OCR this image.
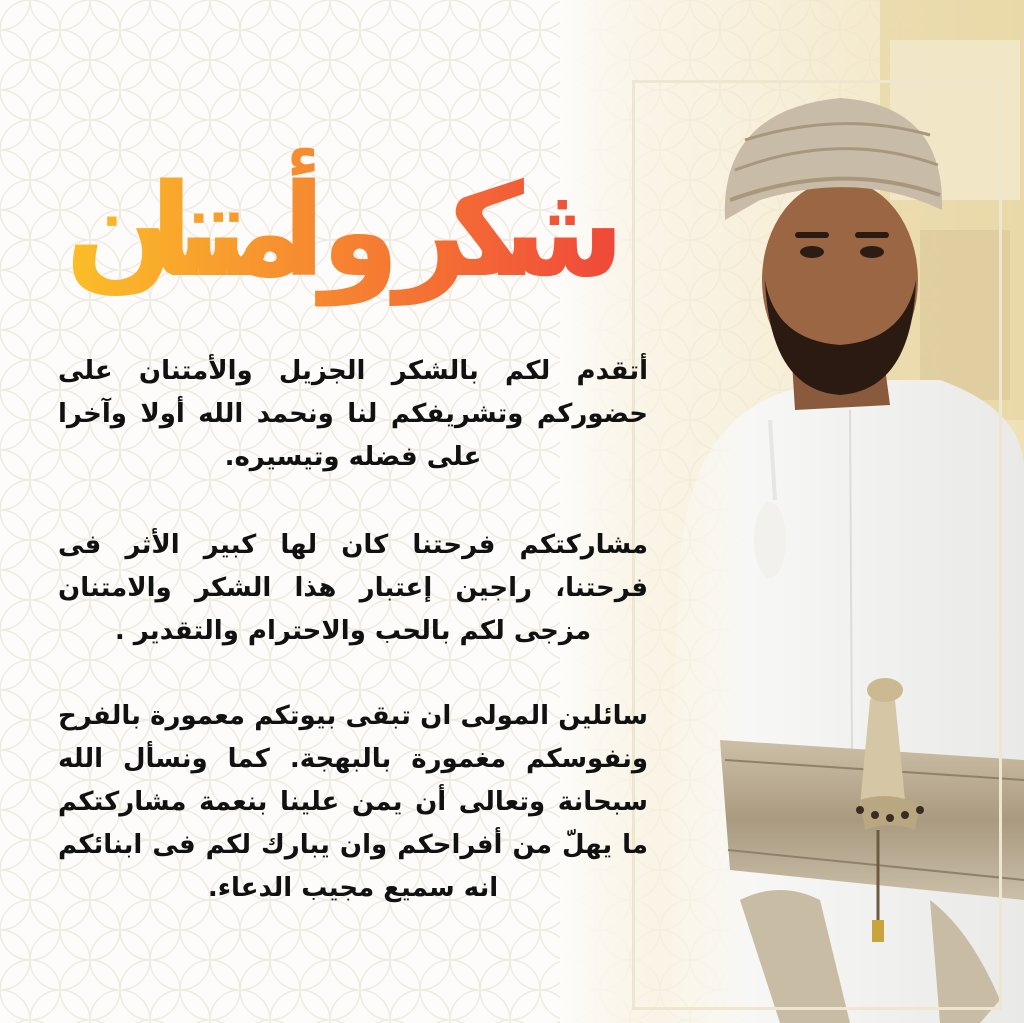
شكر و أمتنان
أتقدم لكم بالشكر الجزيل والأمتنان على حضوركم وتشريفكم لنا ونحمد الله أولا وآخرا على فضله وتيسيره.
مشاركتكم فرحتنا كان لها كبير الأثر فى فرحتنا، راجين إعتبار هذا الشكر والامتنان مزجى لكم بالحب والاحترام والتقدير .
سائلين المولى ان تبقى بيوتكم معمورة بالفرح ونفوسكم مغمورة بالبهجة. كما ونسأل الله سبحانة وتعالى أن يمن علينا بنعمة مشاركتكم ما يهلّ من أفراحكم وان يبارك لكم فى ابنائكم انه سميع مجيب الدعاء.
